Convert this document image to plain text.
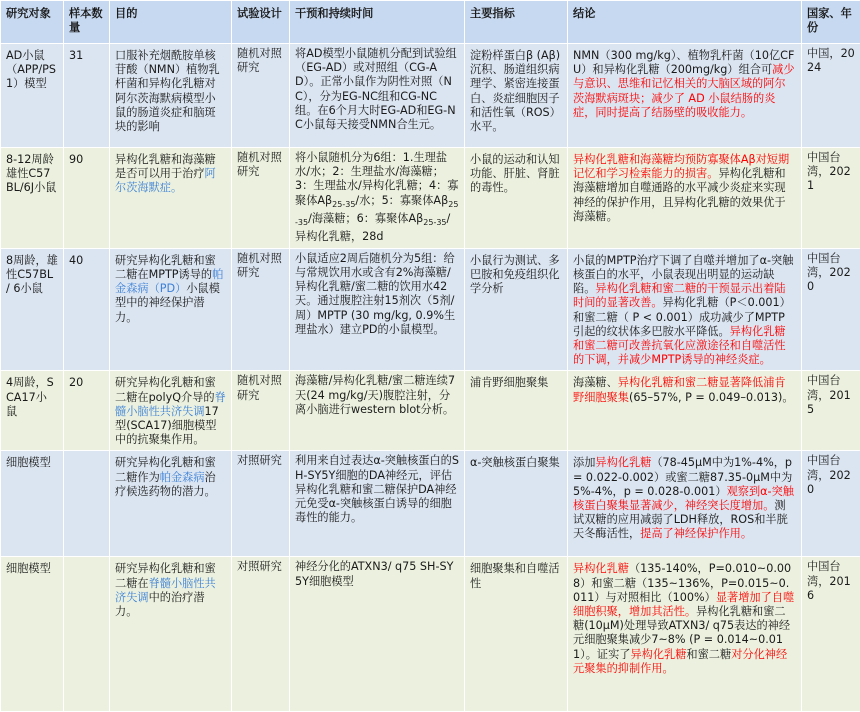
研究对象	样本数量	目的	试验设计	干预和持续时间	主要指标	结论	国家、年份
AD小鼠（APP/PS1）模型	31	口服补充烟酰胺单核苷酸（NMN）植物乳杆菌和异构化乳糖对阿尔茨海默病模型小鼠的肠道炎症和脑斑块的影响	随机对照研究	将AD模型小鼠随机分配到试验组（EG-AD）或对照组（CG-AD）。正常小鼠作为阴性对照（NC），分为EG-NC组和CG-NC组。在6个月大时EG-AD和EG-NC小鼠每天接受NMN合生元。	淀粉样蛋白β (Aβ) 沉积、肠道组织病理学、紧密连接蛋白、炎症细胞因子和活性氧（ROS）水平。	NMN（300 mg/kg）、植物乳杆菌（10亿CFU）和异构化乳糖（200mg/kg）组合可减少与意识、思维和记忆相关的大脑区域的阿尔茨海默病斑块；减少了 AD 小鼠结肠的炎症，同时提高了结肠壁的吸收能力。	中国，2024
8-12周龄雄性C57BL/6J小鼠	90	异构化乳糖和海藻糖是否可以用于治疗阿尔茨海默症。	随机对照研究	将小鼠随机分为6组：1.生理盐水/水；2：生理盐水/海藻糖；3：生理盐水/异构化乳糖；4：寡聚体$A\beta_{25-35}/$水；5：寡聚体$A\beta_{25-35}/$海藻糖；6：寡聚体$A\beta_{25-35}/$异构化乳糖，28d	小鼠的运动和认知功能、肝脏、肾脏的毒性。	异构化乳糖和海藻糖均预防寡聚体Aβ对短期记忆和学习检索能力的损害。异构化乳糖和海藻糖增加自噬通路的水平减少炎症来实现神经的保护作用，且异构化乳糖的效果优于海藻糖。	中国台湾，2021
8周龄，雄性C57BL / 6小鼠	40	研究异构化乳糖和蜜二糖在MPTP诱导的帕金森病（PD）小鼠模型中的神经保护潜力。	随机对照研究	小鼠适应2周后随机分为5组：给与常规饮用水或含有2%海藻糖/异构化乳糖/蜜二糖的饮用水42天。通过腹腔注射15剂次（5剂/周）MPTP (30 mg/kg, 0.9%生理盐水）建立PD的小鼠模型。	小鼠行为测试、多巴胺和免疫组织化学分析	小鼠的MPTP治疗下调了自噬并增加了α-突触核蛋白的水平，小鼠表现出明显的运动缺陷。异构化乳糖和蜜二糖的干预显示出着陆时间的显著改善。异构化乳糖（P＜0.001）和蜜二糖（ P < 0.001）成功减少了MPTP引起的纹状体多巴胺水平降低。异构化乳糖和蜜二糖可改善抗氧化应激途径和自噬活性的下调，并减少MPTP诱导的神经炎症。	中国台湾，2020
4周龄，SCA17小鼠	20	研究异构化乳糖和蜜二糖在polyQ介导的脊髓小脑性共济失调17型(SCA17)细胞模型中的抗聚集作用。	随机对照研究	海藻糖/异构化乳糖/蜜二糖连续7天(24 mg/kg/天)腹腔注射，分离小脑进行western blot分析。	浦肯野细胞聚集	海藻糖、异构化乳糖和蜜二糖显著降低浦肯野细胞聚集(65–57%, P = 0.049–0.013)。	中国台湾，2015
细胞模型		研究异构化乳糖和蜜二糖作为帕金森病治疗候选药物的潜力。	对照研究	利用来自过表达α-突触核蛋白的SH-SY5Y细胞的DA神经元，评估异构化乳糖和蜜二糖保护DA神经元免受α-突触核蛋白诱导的细胞毒性的能力。	α-突触核蛋白聚集	添加异构化乳糖（78-45μM中为1%-4%，p = 0.022-0.002）或蜜二糖87.35-0μM中为5%-4%，p = 0.028-0.001）观察到α-突触核蛋白聚集显著减少，神经突长度增加。测试双糖的应用减弱了LDH释放，ROS和半胱天冬酶活性，提高了神经保护作用。	中国台湾，2020
细胞模型		研究异构化乳糖和蜜二糖在脊髓小脑性共济失调中的治疗潜力。	对照研究	神经分化的ATXN3/ q75 SH-SY5Y细胞模型	细胞聚集和自噬活性	异构化乳糖（135-140%，P=0.010~0.008）和蜜二糖（135~136%，P=0.015~0.011）与对照相比（100%）显著增加了自噬细胞积聚，增加其活性。异构化乳糖和蜜二糖(10μM)处理导致ATXN3/ q75表达的神经元细胞聚集减少7~8% (P = 0.014~0.011）。证实了异构化乳糖和蜜二糖对分化神经元聚集的抑制作用。	中国台湾，2016
